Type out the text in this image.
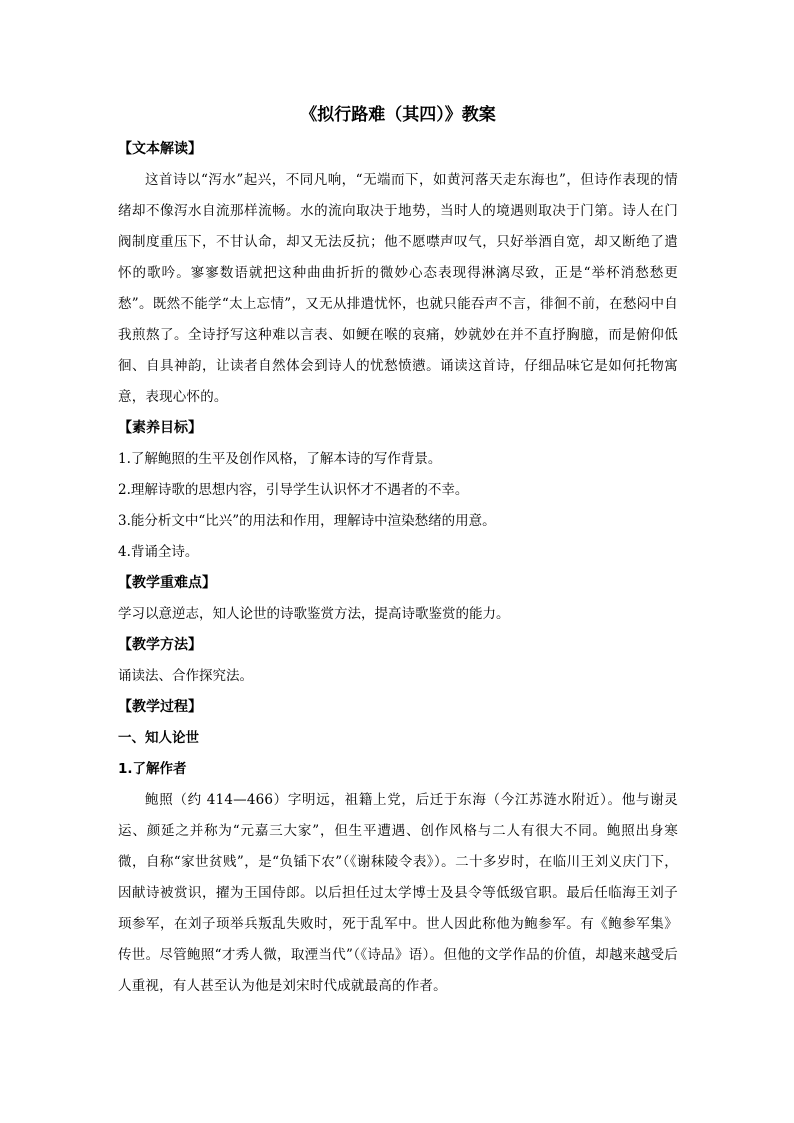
《拟行路难（其四）》教案
【文本解读】

这首诗以“泻水”起兴，不同凡响，“无端而下，如黄河落天走东海也”，但诗作表现的情绪却不像泻水自流那样流畅。水的流向取决于地势，当时人的境遇则取决于门第。诗人在门阀制度重压下，不甘认命，却又无法反抗；他不愿噤声叹气，只好举酒自宽，却又断绝了遣怀的歌吟。寥寥数语就把这种曲曲折折的微妙心态表现得淋漓尽致，正是“举杯消愁愁更愁”。既然不能学“太上忘情”，又无从排遣忧怀，也就只能吞声不言，徘徊不前，在愁闷中自我煎熬了。全诗抒写这种难以言表、如鲠在喉的哀痛，妙就妙在并不直抒胸臆，而是俯仰低徊、自具神韵，让读者自然体会到诗人的忧愁愤懑。诵读这首诗，仔细品味它是如何托物寓意，表现心怀的。

【素养目标】

1.了解鲍照的生平及创作风格，了解本诗的写作背景。

2.理解诗歌的思想内容，引导学生认识怀才不遇者的不幸。

3.能分析文中“比兴”的用法和作用，理解诗中渲染愁绪的用意。

4.背诵全诗。

【教学重难点】

学习以意逆志，知人论世的诗歌鉴赏方法，提高诗歌鉴赏的能力。

【教学方法】

诵读法、合作探究法。

【教学过程】
一、知人论世
1.了解作者

鲍照（约 414—466）字明远，祖籍上党，后迁于东海（今江苏涟水附近）。他与谢灵运、颜延之并称为“元嘉三大家”，但生平遭遇、创作风格与二人有很大不同。鲍照出身寒微，自称“家世贫贱”，是“负锸下农”（《谢秣陵令表》）。二十多岁时，在临川王刘义庆门下，因献诗被赏识，擢为王国侍郎。以后担任过太学博士及县令等低级官职。最后任临海王刘子顼参军，在刘子顼举兵叛乱失败时，死于乱军中。世人因此称他为鲍参军。有《鲍参军集》传世。尽管鲍照“才秀人微，取湮当代”（《诗品》语）。但他的文学作品的价值，却越来越受后人重视，有人甚至认为他是刘宋时代成就最高的作者。
